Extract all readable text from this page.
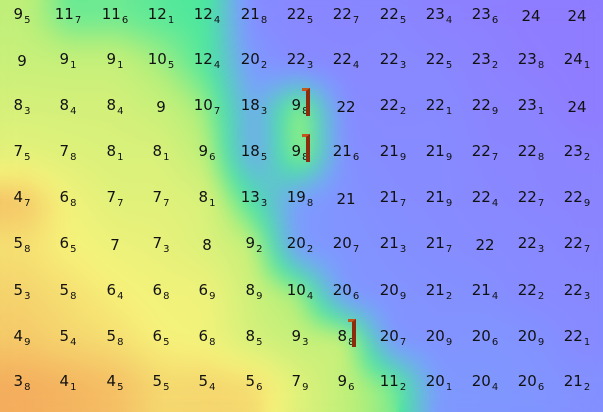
$9_5$ $11_7$ $11_6$ $12_1$ $12_4$ $21_8$ $22_5$ $22_7$ $22_5$ $23_4$ $23_6$ 24 24
9 $9_1$ $9_1$ $10_5$ $12_4$ $20_2$ $22_3$ $22_4$ $22_3$ $22_5$ $23_2$ $23_8$ $24_1$
$8_3$ $8_4$ $8_4$ 9 $10_7$ $18_3$ $9_8$ 22 $22_2$ $22_1$ $22_9$ $23_1$ 24
$7_5$ $7_8$ $8_1$ $8_1$ $9_6$ $18_5$ $9_8$ $21_6$ $21_9$ $21_9$ $22_7$ $22_8$ $23_2$
$4_7$ $6_8$ $7_7$ $7_7$ $8_1$ $13_3$ $19_8$ 21 $21_7$ $21_9$ $22_4$ $22_7$ $22_9$
$5_8$ $6_5$ 7 $7_3$ 8 $9_2$ $20_2$ $20_7$ $21_3$ $21_7$ 22 $22_3$ $22_7$
$5_3$ $5_8$ $6_4$ $6_8$ $6_9$ $8_9$ $10_4$ $20_6$ $20_9$ $21_2$ $21_4$ $22_2$ $22_3$
$4_9$ $5_4$ $5_8$ $6_5$ $6_8$ $8_5$ $9_3$ $8_8$ $20_7$ $20_9$ $20_6$ $20_9$ $22_1$
$3_8$ $4_1$ $4_5$ $5_5$ $5_4$ $5_6$ $7_9$ $9_6$ $11_2$ $20_1$ $20_4$ $20_6$ $21_2$
